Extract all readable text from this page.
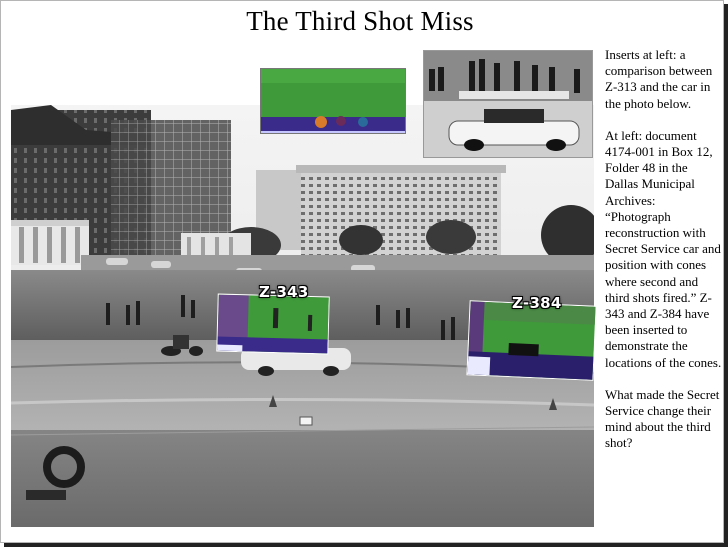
The Third Shot Miss
Z-343
Z-384

Inserts at left: a comparison between Z-313 and the car in the photo below.

At left: document 4174-001 in Box 12, Folder 48 in the Dallas Municipal Archives: “Photograph reconstruction with Secret Service car and position with cones where second and third shots fired.” Z-343 and Z-384 have been inserted to demonstrate the locations of the cones.

What made the Secret Service change their mind about the third shot?
